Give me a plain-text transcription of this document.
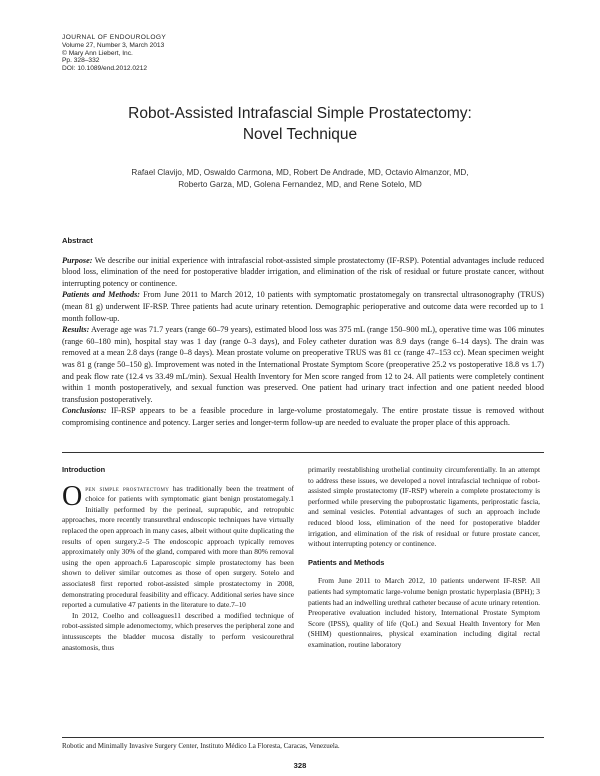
JOURNAL OF ENDOUROLOGY
Volume 27, Number 3, March 2013
© Mary Ann Liebert, Inc.
Pp. 328–332
DOI: 10.1089/end.2012.0212
Robot-Assisted Intrafascial Simple Prostatectomy:
Novel Technique
Rafael Clavijo, MD, Oswaldo Carmona, MD, Robert De Andrade, MD, Octavio Almanzor, MD,
Roberto Garza, MD, Golena Fernandez, MD, and Rene Sotelo, MD
Abstract

Purpose: We describe our initial experience with intrafascial robot-assisted simple prostatectomy (IF-RSP). Potential advantages include reduced blood loss, elimination of the need for postoperative bladder irrigation, and elimination of the risk of residual or future prostate cancer, without interrupting potency or continence.

Patients and Methods: From June 2011 to March 2012, 10 patients with symptomatic prostatomegaly on transrectal ultrasonography (TRUS) (mean 81 g) underwent IF-RSP. Three patients had acute urinary retention. Demographic perioperative and outcome data were recorded up to 1 month follow-up.

Results: Average age was 71.7 years (range 60–79 years), estimated blood loss was 375 mL (range 150–900 mL), operative time was 106 minutes (range 60–180 min), hospital stay was 1 day (range 0–3 days), and Foley catheter duration was 8.9 days (range 6–14 days). The drain was removed at a mean 2.8 days (range 0–8 days). Mean prostate volume on preoperative TRUS was 81 cc (range 47–153 cc). Mean specimen weight was 81 g (range 50–150 g). Improvement was noted in the International Prostate Symptom Score (preoperative 25.2 vs postoperative 18.8 vs 1.7) and peak flow rate (12.4 vs 33.49 mL/min). Sexual Health Inventory for Men score ranged from 12 to 24. All patients were completely continent within 1 month postoperatively, and sexual function was preserved. One patient had urinary tract infection and one patient needed blood transfusion postoperatively.

Conclusions: IF-RSP appears to be a feasible procedure in large-volume prostatomegaly. The entire prostate tissue is removed without compromising continence and potency. Larger series and longer-term follow-up are needed to evaluate the proper place of this approach.

Introduction

Open simple prostatectomy has traditionally been the treatment of choice for patients with symptomatic giant benign prostatomegaly.1 Initially performed by the perineal, suprapubic, and retropubic approaches, more recently transurethral endoscopic techniques have virtually replaced the open approach in many cases, albeit without quite duplicating the results of open surgery.2–5 The endoscopic approach typically removes approximately only 30% of the gland, compared with more than 80% removal using the open approach.6 Laparoscopic simple prostatectomy has been shown to deliver similar outcomes as those of open surgery. Sotelo and associates8 first reported robot-assisted simple prostatectomy in 2008, demonstrating procedural feasibility and efficacy. Additional series have since reported a cumulative 47 patients in the literature to date.7–10

In 2012, Coelho and colleagues11 described a modified technique of robot-assisted simple adenomectomy, which preserves the peripheral zone and intussuscepts the bladder mucosa distally to perform vesicourethral anastomosis, thus

primarily reestablishing urothelial continuity circumferentially. In an attempt to address these issues, we developed a novel intrafascial technique of robot-assisted simple prostatectomy (IF-RSP) wherein a complete prostatectomy is performed while preserving the puboprostatic ligaments, periprostatic fascia, and seminal vesicles. Potential advantages of such an approach include reduced blood loss, elimination of the need for postoperative bladder irrigation, and elimination of the risk of residual or future prostate cancer, without interrupting potency or continence.

Patients and Methods

From June 2011 to March 2012, 10 patients underwent IF-RSP. All patients had symptomatic large-volume benign prostatic hyperplasia (BPH); 3 patients had an indwelling urethral catheter because of acute urinary retention. Preoperative evaluation included history, International Prostate Symptom Score (IPSS), quality of life (QoL) and Sexual Health Inventory for Men (SHIM) questionnaires, physical examination including digital rectal examination, routine laboratory

Robotic and Minimally Invasive Surgery Center, Instituto Médico La Floresta, Caracas, Venezuela.
328
